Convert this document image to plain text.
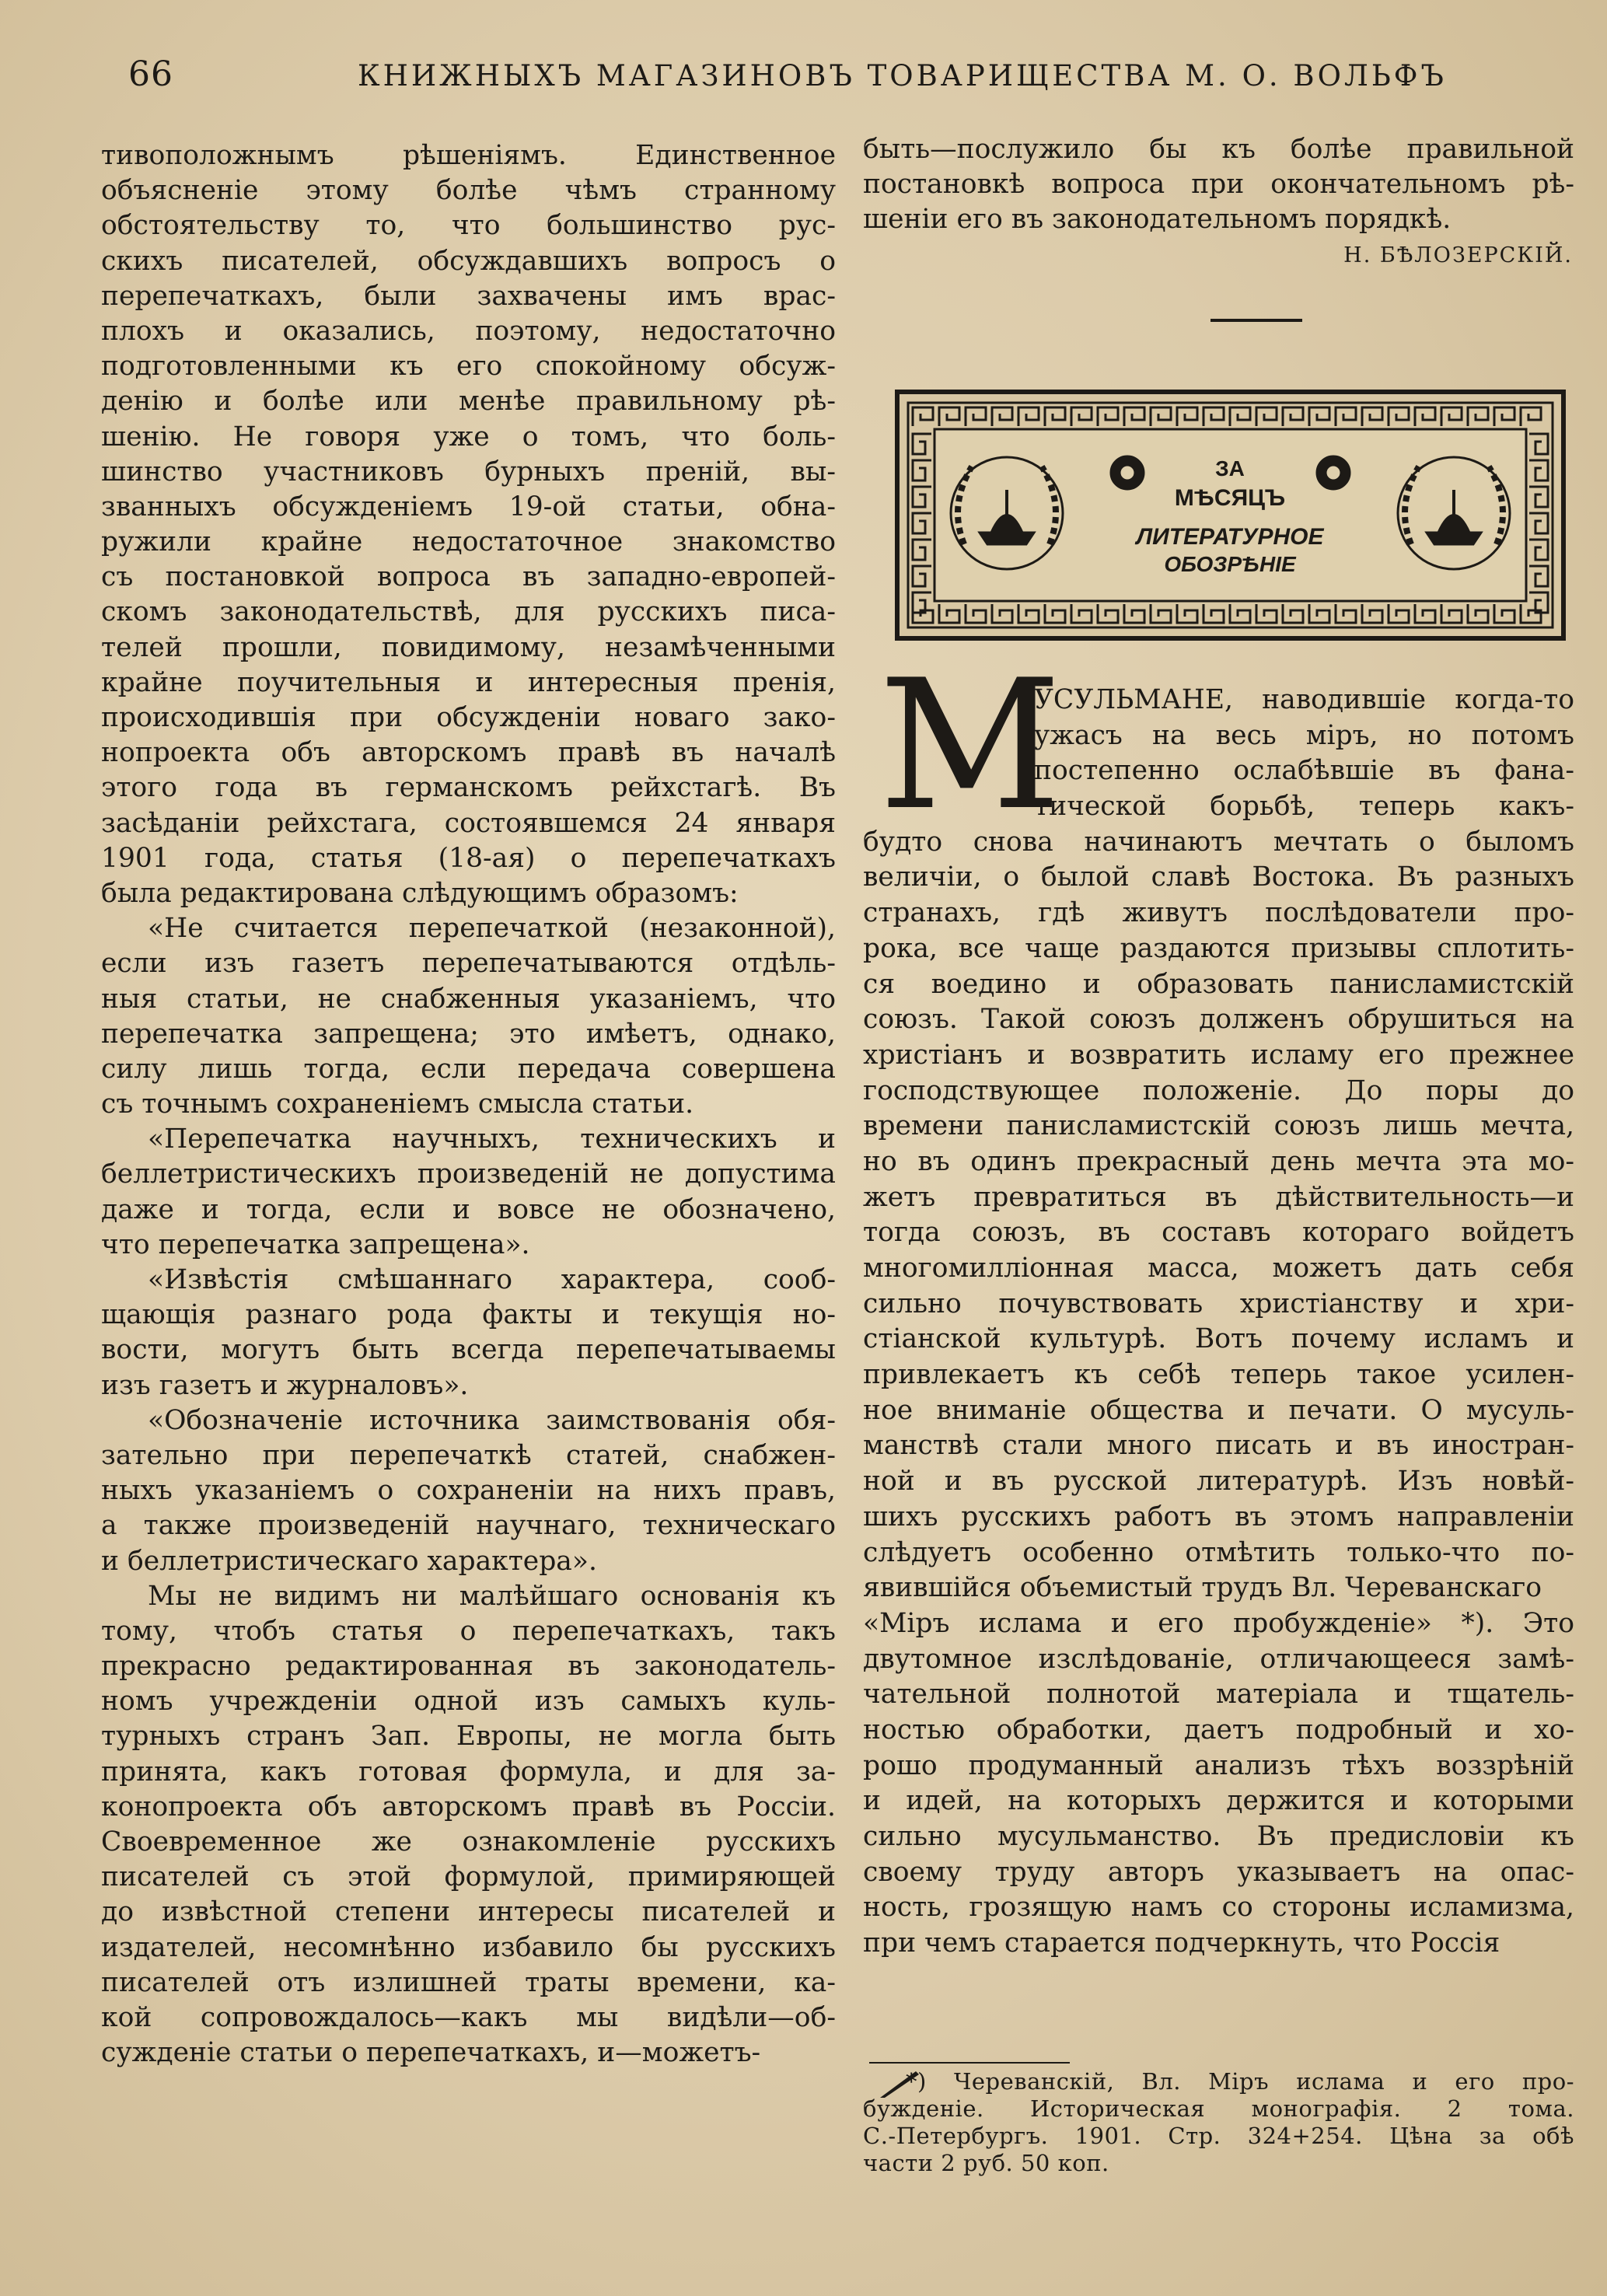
66	КНИЖНЫХЪ МАГАЗИНОВЪ ТОВАРИЩЕСТВА М. О. ВОЛЬФЪ
тивоположнымъ рѣшеніямъ. Единственное
объясненіе этому болѣе чѣмъ странному
обстоятельству то, что большинство рус-
скихъ писателей, обсуждавшихъ вопросъ о
перепечаткахъ, были захвачены имъ врас-
плохъ и оказались, поэтому, недостаточно
подготовленными къ его спокойному обсуж-
денію и болѣе или менѣе правильному рѣ-
шенію. Не говоря уже о томъ, что боль-
шинство участниковъ бурныхъ преній, вы-
званныхъ обсужденіемъ 19-ой статьи, обна-
ружили крайне недостаточное знакомство
съ постановкой вопроса въ западно-европей-
скомъ законодательствѣ, для русскихъ писа-
телей прошли, повидимому, незамѣченными
крайне поучительныя и интересныя пренія,
происходившія при обсужденіи новаго зако-
нопроекта объ авторскомъ правѣ въ началѣ
этого года въ германскомъ рейхстагѣ. Въ
засѣданіи рейхстага, состоявшемся 24 января
1901 года, статья (18-ая) о перепечаткахъ
была редактирована слѣдующимъ образомъ:
«Не считается перепечаткой (незаконной),
если изъ газетъ перепечатываются отдѣль-
ныя статьи, не снабженныя указаніемъ, что
перепечатка запрещена; это имѣетъ, однако,
силу лишь тогда, если передача совершена
съ точнымъ сохраненіемъ смысла статьи.
«Перепечатка научныхъ, техническихъ и
беллетристическихъ произведеній не допустима
даже и тогда, если и вовсе не обозначено,
что перепечатка запрещена».
«Извѣстія смѣшаннаго характера, сооб-
щающія разнаго рода факты и текущія но-
вости, могутъ быть всегда перепечатываемы
изъ газетъ и журналовъ».
«Обозначеніе источника заимствованія обя-
зательно при перепечаткѣ статей, снабжен-
ныхъ указаніемъ о сохраненіи на нихъ правъ,
а также произведеній научнаго, техническаго
и беллетристическаго характера».
Мы не видимъ ни малѣйшаго основанія къ
тому, чтобъ статья о перепечаткахъ, такъ
прекрасно редактированная въ законодатель-
номъ учрежденіи одной изъ самыхъ куль-
турныхъ странъ Зап. Европы, не могла быть
принята, какъ готовая формула, и для за-
конопроекта объ авторскомъ правѣ въ Россіи.
Своевременное же ознакомленіе русскихъ
писателей съ этой формулой, примиряющей
до извѣстной степени интересы писателей и
издателей, несомнѣнно избавило бы русскихъ
писателей отъ излишней траты времени, ка-
кой сопровождалось—какъ мы видѣли—об-
сужденіе статьи о перепечаткахъ, и—можетъ-
быть—послужило бы къ болѣе правильной
постановкѣ вопроса при окончательномъ рѣ-
шеніи его въ законодательномъ порядкѣ.
Н. БѢЛОЗЕРСКІЙ.
ЗА
МѢСЯЦЪ
ЛИТЕРАТУРНОЕ
ОБОЗРѢНІЕ
М
УСУЛЬМАНЕ, наводившіе когда-то
ужасъ на весь міръ, но потомъ
постепенно ослабѣвшіе въ фана-
тической борьбѣ, теперь какъ-
будто снова начинаютъ мечтать о быломъ
величіи, о былой славѣ Востока. Въ разныхъ
странахъ, гдѣ живутъ послѣдователи про-
рока, все чаще раздаются призывы сплотить-
ся воедино и образовать панисламистскій
союзъ. Такой союзъ долженъ обрушиться на
христіанъ и возвратить исламу его прежнее
господствующее положеніе. До поры до
времени панисламистскій союзъ лишь мечта,
но въ одинъ прекрасный день мечта эта мо-
жетъ превратиться въ дѣйствительность—и
тогда союзъ, въ составъ котораго войдетъ
многомилліонная масса, можетъ дать себя
сильно почувствовать христіанству и хри-
стіанской культурѣ. Вотъ почему исламъ и
привлекаетъ къ себѣ теперь такое усилен-
ное вниманіе общества и печати. О мусуль-
манствѣ стали много писать и въ иностран-
ной и въ русской литературѣ. Изъ новѣй-
шихъ русскихъ работъ въ этомъ направленіи
слѣдуетъ особенно отмѣтить только-что по-
явившійся объемистый трудъ Вл. Черeванскаго
«Міръ ислама и его пробужденіе» *). Это
двутомное изслѣдованіе, отличающееся замѣ-
чательной полнотой матеріала и тщатель-
ностью обработки, даетъ подробный и хо-
рошо продуманный анализъ тѣхъ воззрѣній
и идей, на которыхъ держится и которыми
сильно мусульманство. Въ предисловіи къ
своему труду авторъ указываетъ на опас-
ность, грозящую намъ со стороны исламизма,
при чемъ старается подчеркнуть, что Россія
*) Черeванскій, Вл. Міръ ислама и его про-
бужденіе. Историческая монографія. 2 тома.
С.-Петербургъ. 1901. Стр. 324+254. Цѣна за обѣ
части 2 руб. 50 коп.
